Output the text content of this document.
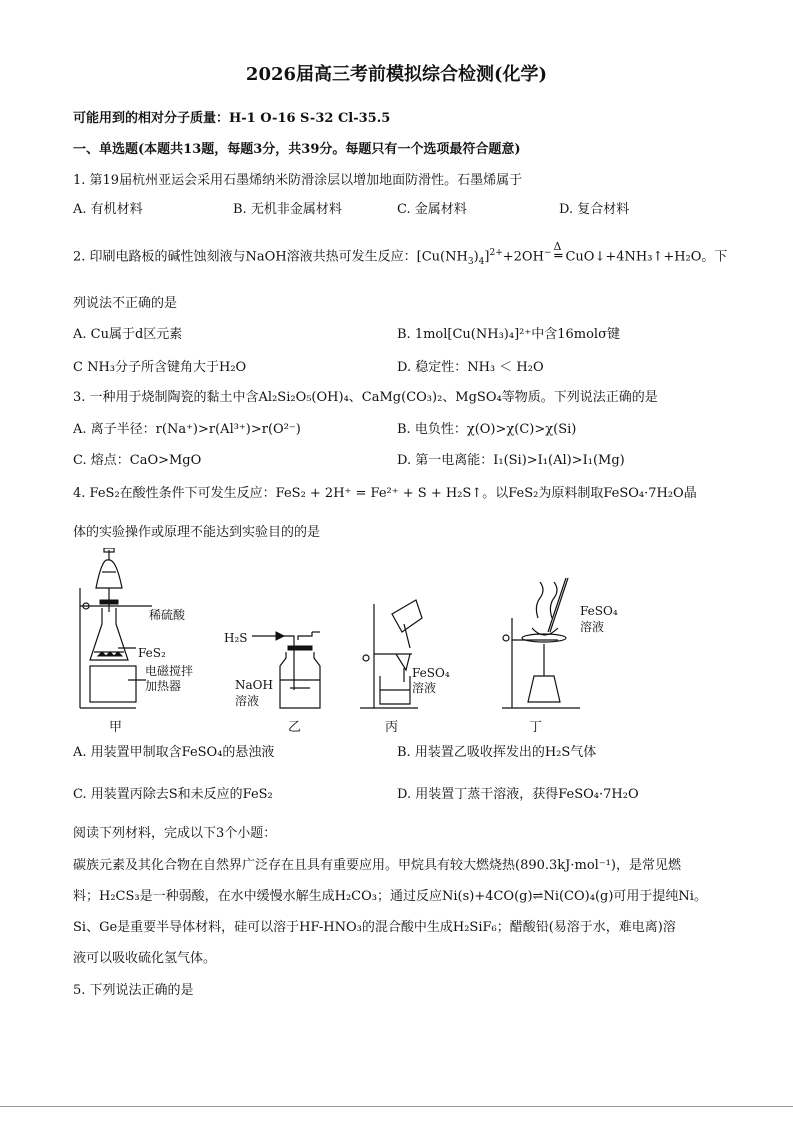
2026届高三考前模拟综合检测(化学)
可能用到的相对分子质量：H-1 O-16 S-32 Cl-35.5
一、单选题(本题共13题，每题3分，共39分。每题只有一个选项最符合题意)
1. 第19届杭州亚运会采用石墨烯纳米防滑涂层以增加地面防滑性。石墨烯属于
A. 有机材料	B. 无机非金属材料	C. 金属材料	D. 复合材料
2. 印刷电路板的碱性蚀刻液与NaOH溶液共热可发生反应：$[Cu(NH_3)_4]^{2+}+2OH^-$ Δ
═ CuO↓+4NH₃↑+H₂O。下
列说法不正确的是
A. Cu属于d区元素	B. 1mol[Cu(NH₃)₄]²⁺中含16molσ键
C NH₃分子所含键角大于H₂O	D. 稳定性：NH₃ ＜ H₂O
3. 一种用于烧制陶瓷的黏土中含Al₂Si₂O₅(OH)₄、CaMg(CO₃)₂、MgSO₄等物质。下列说法正确的是
A. 离子半径：r(Na⁺)>r(Al³⁺)>r(O²⁻)	B. 电负性：χ(O)>χ(C)>χ(Si)
C. 熔点：CaO>MgO	D. 第一电离能：I₁(Si)>I₁(Al)>I₁(Mg)
4. FeS₂在酸性条件下可发生反应：FeS₂ + 2H⁺ = Fe²⁺ + S + H₂S↑。以FeS₂为原料制取FeSO₄·7H₂O晶
体的实验操作或原理不能达到实验目的的是
稀硫酸
FeS₂
电磁搅拌
加热器
H₂S
NaOH
溶液
FeSO₄
溶液
FeSO₄
溶液
甲	乙	丙	丁
A. 用装置甲制取含FeSO₄的悬浊液	B. 用装置乙吸收挥发出的H₂S气体
C. 用装置丙除去S和未反应的FeS₂	D. 用装置丁蒸干溶液，获得FeSO₄·7H₂O
阅读下列材料，完成以下3个小题：
碳族元素及其化合物在自然界广泛存在且具有重要应用。甲烷具有较大燃烧热(890.3kJ·mol⁻¹)，是常见燃
料；H₂CS₃是一种弱酸，在水中缓慢水解生成H₂CO₃；通过反应Ni(s)+4CO(g)⇌Ni(CO)₄(g)可用于提纯Ni。
Si、Ge是重要半导体材料，硅可以溶于HF-HNO₃的混合酸中生成H₂SiF₆；醋酸铅(易溶于水，难电离)溶
液可以吸收硫化氢气体。
5. 下列说法正确的是
